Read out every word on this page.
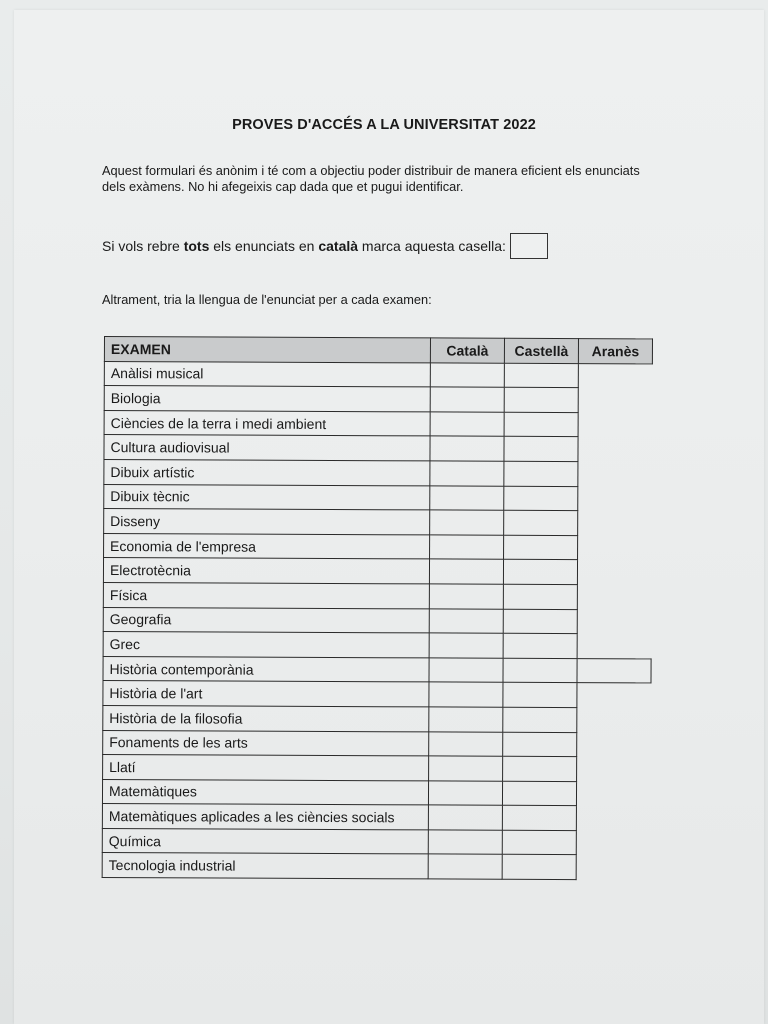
PROVES D'ACCÉS A LA UNIVERSITAT 2022
Aquest formulari és anònim i té com a objectiu poder distribuir de manera eficient els enunciats
dels exàmens. No hi afegeixis cap dada que et pugui identificar.
Si vols rebre tots els enunciats en català marca aquesta casella:
Altrament, tria la llengua de l'enunciat per a cada examen:
EXAMEN	Català	Castellà	Aranès
Anàlisi musical			
Biologia			
Ciències de la terra i medi ambient			
Cultura audiovisual			
Dibuix artístic			
Dibuix tècnic			
Disseny			
Economia de l'empresa			
Electrotècnia			
Física			
Geografia			
Grec			
Història contemporània			
Història de l'art			
Història de la filosofia			
Fonaments de les arts			
Llatí			
Matemàtiques			
Matemàtiques aplicades a les ciències socials			
Química			
Tecnologia industrial			
